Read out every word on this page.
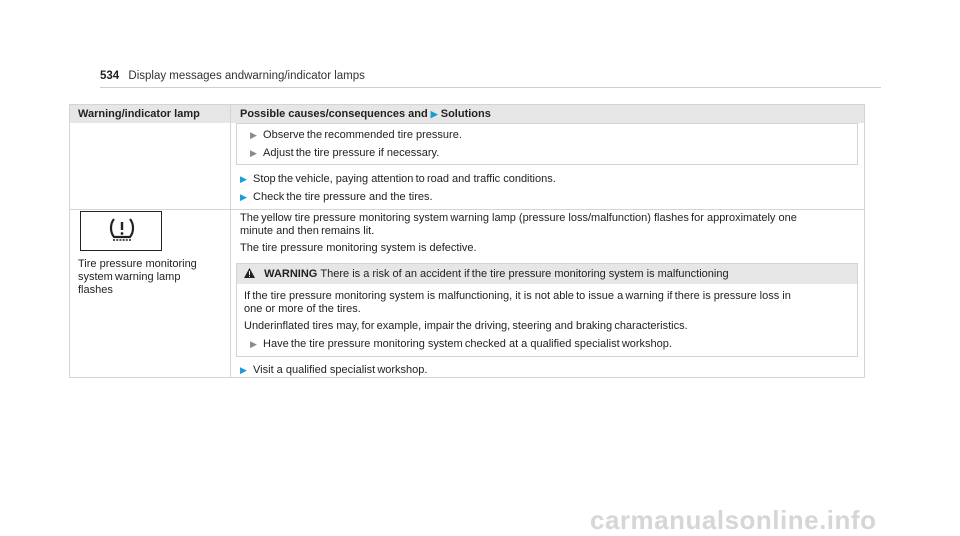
534 Display messages andwarning/indicator lamps
Warning/indicator lamp	Possible causes/consequences and ▶ Solutions
▶ Observe the recommended tire pressure.
▶ Adjust the tire pressure if necessary.
▶ Stop the vehicle, paying attention to road and traffic conditions.
▶ Check the tire pressure and the tires.
Tire pressure monitoring
system warning lamp
flashes
The yellow tire pressure monitoring system warning lamp (pressure loss/malfunction) flashes for approximately one
minute and then remains lit.
The tire pressure monitoring system is defective.
WARNING There is a risk of an accident if the tire pressure monitoring system is malfunctioning
If the tire pressure monitoring system is malfunctioning, it is not able to issue a warning if there is pressure loss in
one or more of the tires.
Underinflated tires may, for example, impair the driving, steering and braking characteristics.
▶ Have the tire pressure monitoring system checked at a qualified specialist workshop.
▶ Visit a qualified specialist workshop.
carmanualsonline.info
